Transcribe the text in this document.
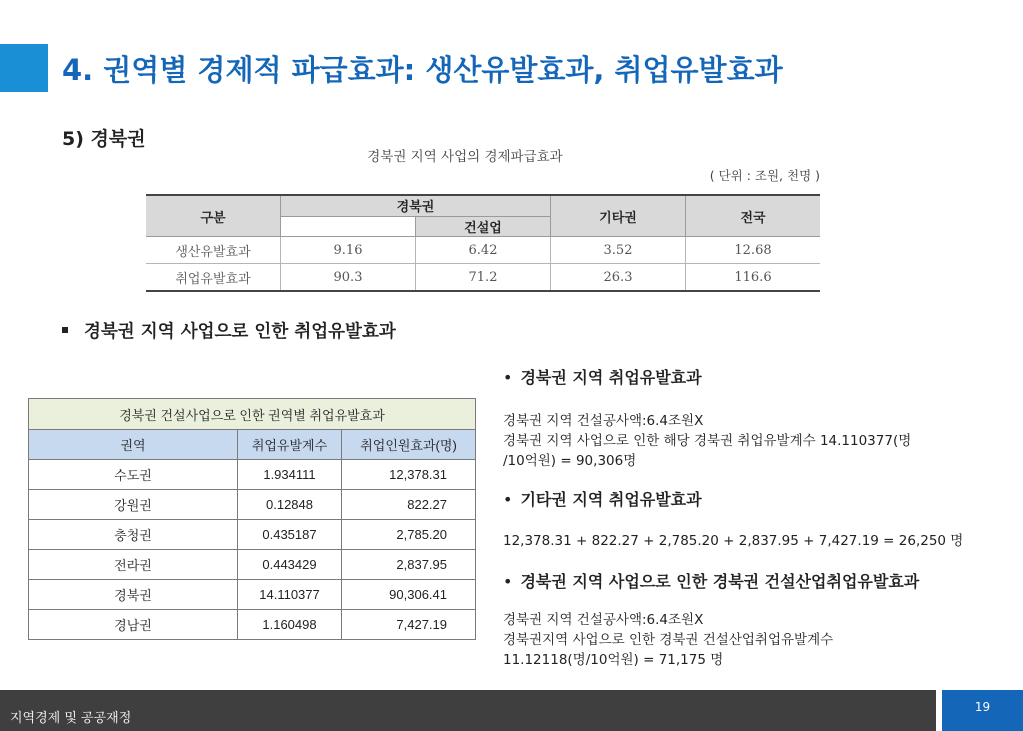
4. 권역별 경제적 파급효과: 생산유발효과, 취업유발효과
5) 경북권
경북권 지역 사업의 경제파급효과
( 단위 : 조원, 천명 )
구분	경북권		기타권	전국
		건설업		
생산유발효과	9.16	6.42	3.52	12.68
취업유발효과	90.3	71.2	26.3	116.6
경북권 지역 사업으로 인한 취업유발효과
경북권 건설사업으로 인한 권역별 취업유발효과		
권역	취업유발계수	취업인원효과(명)
수도권	1.934111	12,378.31
강원권	0.12848	822.27
충청권	0.435187	2,785.20
전라권	0.443429	2,837.95
경북권	14.110377	90,306.41
경남권	1.160498	7,427.19
• 경북권 지역 취업유발효과
경북권 지역 건설공사액:6.4조원X
경북권 지역 사업으로 인한 해당 경북권 취업유발계수 14.110377(명
/10억원) = 90,306명
• 기타권 지역 취업유발효과
12,378.31 + 822.27 + 2,785.20 + 2,837.95 + 7,427.19 = 26,250 명
• 경북권 지역 사업으로 인한 경북권 건설산업취업유발효과
경북권 지역 건설공사액:6.4조원X
경북권지역 사업으로 인한 경북권 건설산업취업유발계수
11.12118(명/10억원) = 71,175 명
지역경제 및 공공재정
19
